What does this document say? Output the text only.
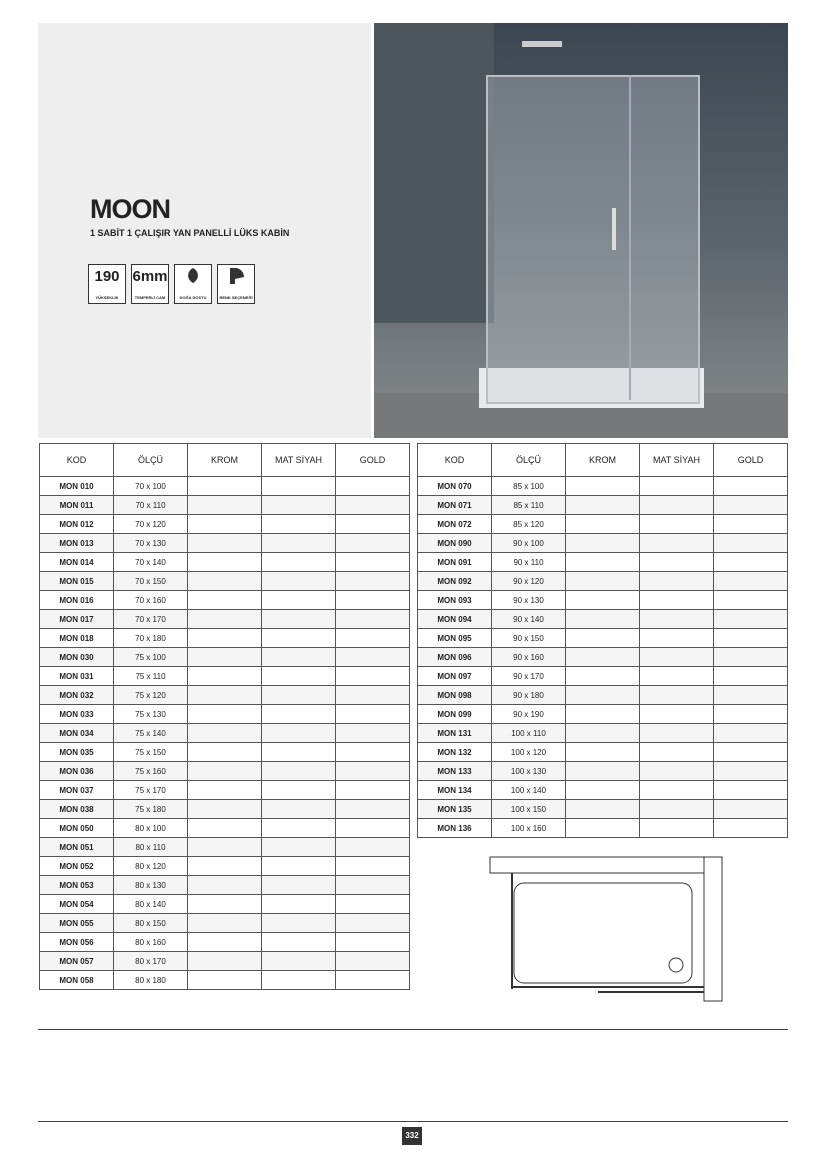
MOON
1 SABİT 1 ÇALIŞIR YAN PANELLİ LÜKS KABİN
190
YÜKSEKLİK
6mm
TEMPERLİ CAM	DOĞA DOSTU	RENK SEÇENEĞİ
KOD	ÖLÇÜ	KROM	MAT SİYAH	GOLD
MON 010	70 x 100			
MON 011	70 x 110			
MON 012	70 x 120			
MON 013	70 x 130			
MON 014	70 x 140			
MON 015	70 x 150			
MON 016	70 x 160			
MON 017	70 x 170			
MON 018	70 x 180			
MON 030	75 x 100			
MON 031	75 x 110			
MON 032	75 x 120			
MON 033	75 x 130			
MON 034	75 x 140			
MON 035	75 x 150			
MON 036	75 x 160			
MON 037	75 x 170			
MON 038	75 x 180			
MON 050	80 x 100			
MON 051	80 x 110			
MON 052	80 x 120			
MON 053	80 x 130			
MON 054	80 x 140			
MON 055	80 x 150			
MON 056	80 x 160			
MON 057	80 x 170			
MON 058	80 x 180			
KOD	ÖLÇÜ	KROM	MAT SİYAH	GOLD
MON 070	85 x 100			
MON 071	85 x 110			
MON 072	85 x 120			
MON 090	90 x 100			
MON 091	90 x 110			
MON 092	90 x 120			
MON 093	90 x 130			
MON 094	90 x 140			
MON 095	90 x 150			
MON 096	90 x 160			
MON 097	90 x 170			
MON 098	90 x 180			
MON 099	90 x 190			
MON 131	100 x 110			
MON 132	100 x 120			
MON 133	100 x 130			
MON 134	100 x 140			
MON 135	100 x 150			
MON 136	100 x 160			
332
